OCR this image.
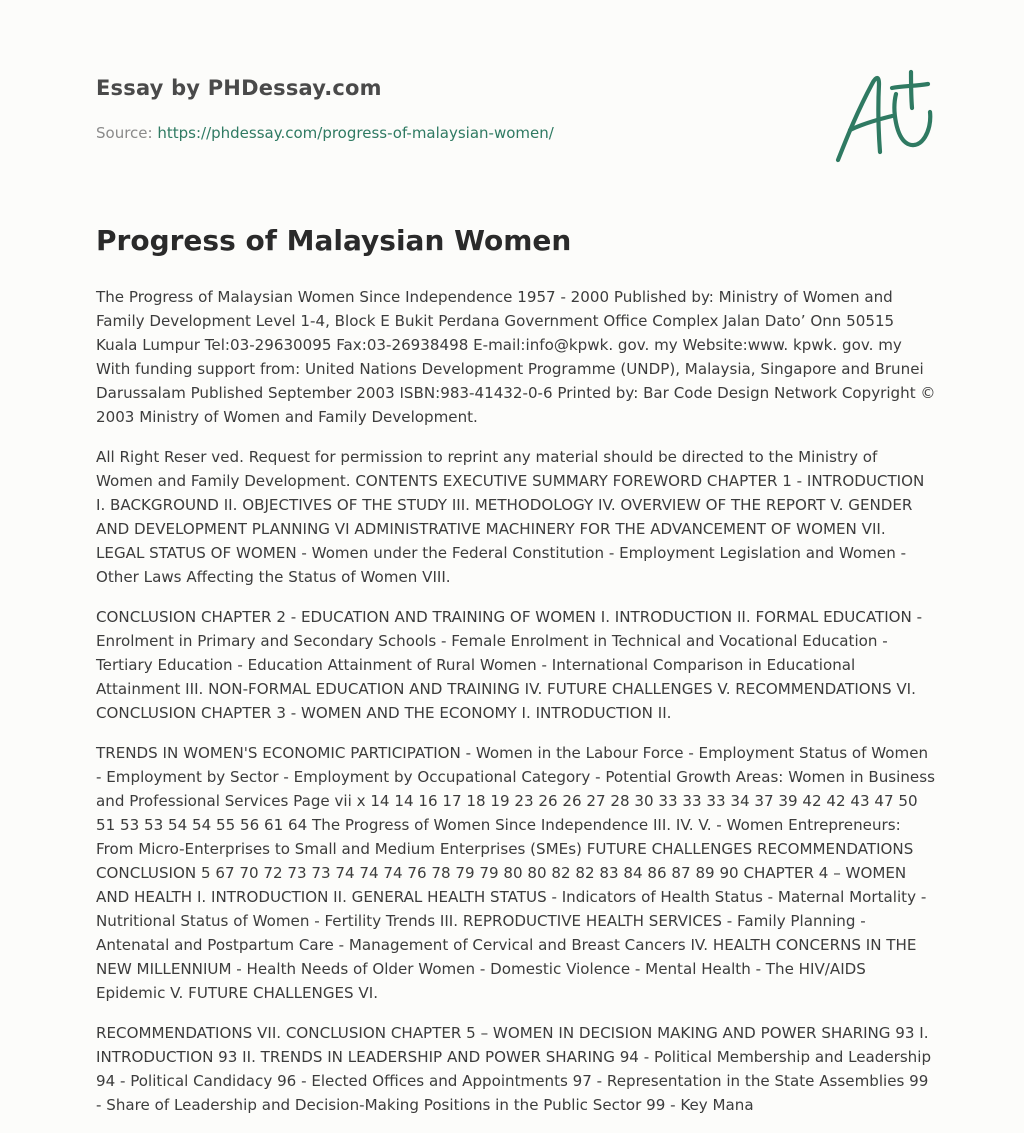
Essay by PHDessay.com
Source: https://phdessay.com/progress-of-malaysian-women/
Progress of Malaysian Women

The Progress of Malaysian Women Since Independence 1957 - 2000 Published by: Ministry of Women and Family Development Level 1-4, Block E Bukit Perdana Government Office Complex Jalan Dato’ Onn 50515 Kuala Lumpur Tel:03-29630095 Fax:03-26938498 E-mail:info@kpwk. gov. my Website:www. kpwk. gov. my With funding support from: United Nations Development Programme (UNDP), Malaysia, Singapore and Brunei Darussalam Published September 2003 ISBN:983-41432-0-6 Printed by: Bar Code Design Network Copyright © 2003 Ministry of Women and Family Development.

All Right Reser ved. Request for permission to reprint any material should be directed to the Ministry of Women and Family Development. CONTENTS EXECUTIVE SUMMARY FOREWORD CHAPTER 1 - INTRODUCTION I. BACKGROUND II. OBJECTIVES OF THE STUDY III. METHODOLOGY IV. OVERVIEW OF THE REPORT V. GENDER AND DEVELOPMENT PLANNING VI ADMINISTRATIVE MACHINERY FOR THE ADVANCEMENT OF WOMEN VII. LEGAL STATUS OF WOMEN - Women under the Federal Constitution - Employment Legislation and Women - Other Laws Affecting the Status of Women VIII.

CONCLUSION CHAPTER 2 - EDUCATION AND TRAINING OF WOMEN I. INTRODUCTION II. FORMAL EDUCATION - Enrolment in Primary and Secondary Schools - Female Enrolment in Technical and Vocational Education - Tertiary Education - Education Attainment of Rural Women - International Comparison in Educational Attainment III. NON-FORMAL EDUCATION AND TRAINING IV. FUTURE CHALLENGES V. RECOMMENDATIONS VI. CONCLUSION CHAPTER 3 - WOMEN AND THE ECONOMY I. INTRODUCTION II.

TRENDS IN WOMEN'S ECONOMIC PARTICIPATION - Women in the Labour Force - Employment Status of Women - Employment by Sector - Employment by Occupational Category - Potential Growth Areas: Women in Business and Professional Services Page vii x 14 14 16 17 18 19 23 26 26 27 28 30 33 33 33 34 37 39 42 42 43 47 50 51 53 53 54 54 55 56 61 64 The Progress of Women Since Independence III. IV. V. - Women Entrepreneurs: From Micro-Enterprises to Small and Medium Enterprises (SMEs) FUTURE CHALLENGES RECOMMENDATIONS CONCLUSION 5 67 70 72 73 73 74 74 74 76 78 79 79 80 80 82 82 83 84 86 87 89 90 CHAPTER 4 – WOMEN AND HEALTH I. INTRODUCTION II. GENERAL HEALTH STATUS - Indicators of Health Status - Maternal Mortality - Nutritional Status of Women - Fertility Trends III. REPRODUCTIVE HEALTH SERVICES - Family Planning - Antenatal and Postpartum Care - Management of Cervical and Breast Cancers IV. HEALTH CONCERNS IN THE NEW MILLENNIUM - Health Needs of Older Women - Domestic Violence - Mental Health - The HIV/AIDS Epidemic V. FUTURE CHALLENGES VI.

RECOMMENDATIONS VII. CONCLUSION CHAPTER 5 – WOMEN IN DECISION MAKING AND POWER SHARING 93 I. INTRODUCTION 93 II. TRENDS IN LEADERSHIP AND POWER SHARING 94 - Political Membership and Leadership 94 - Political Candidacy 96 - Elected Offices and Appointments 97 - Representation in the State Assemblies 99 - Share of Leadership and Decision-Making Positions in the Public Sector 99 - Key Mana
